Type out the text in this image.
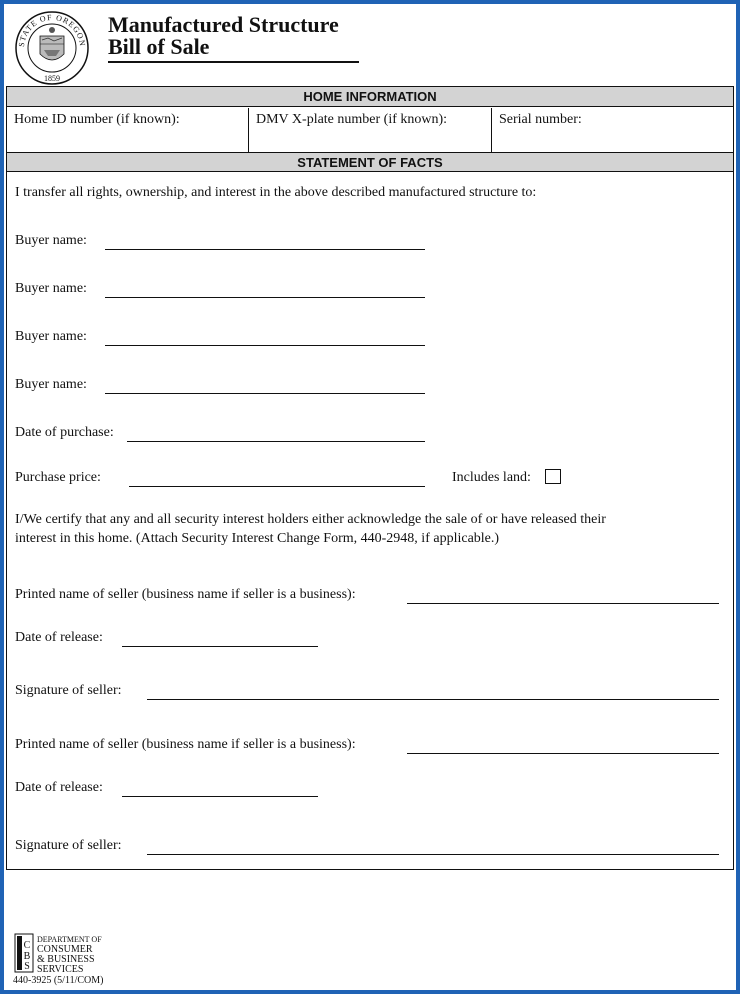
STATE OF OREGON
1859
Manufactured Structure
Bill of Sale
HOME INFORMATION
Home ID number (if known):	DMV X-plate number (if known):	Serial number:
STATEMENT OF FACTS
I transfer all rights, ownership, and interest in the above described manufactured structure to:
Buyer name:
Buyer name:
Buyer name:
Buyer name:
Date of purchase:
Purchase price:	Includes land:
I/We certify that any and all security interest holders either acknowledge the sale of or have released their
interest in this home. (Attach Security Interest Change Form, 440-2948, if applicable.)
Printed name of seller (business name if seller is a business):
Date of release:
Signature of seller:
Printed name of seller (business name if seller is a business):
Date of release:
Signature of seller:
C
B
S
DEPARTMENT OF
CONSUMER
& BUSINESS
SERVICES
440-3925 (5/11/COM)
